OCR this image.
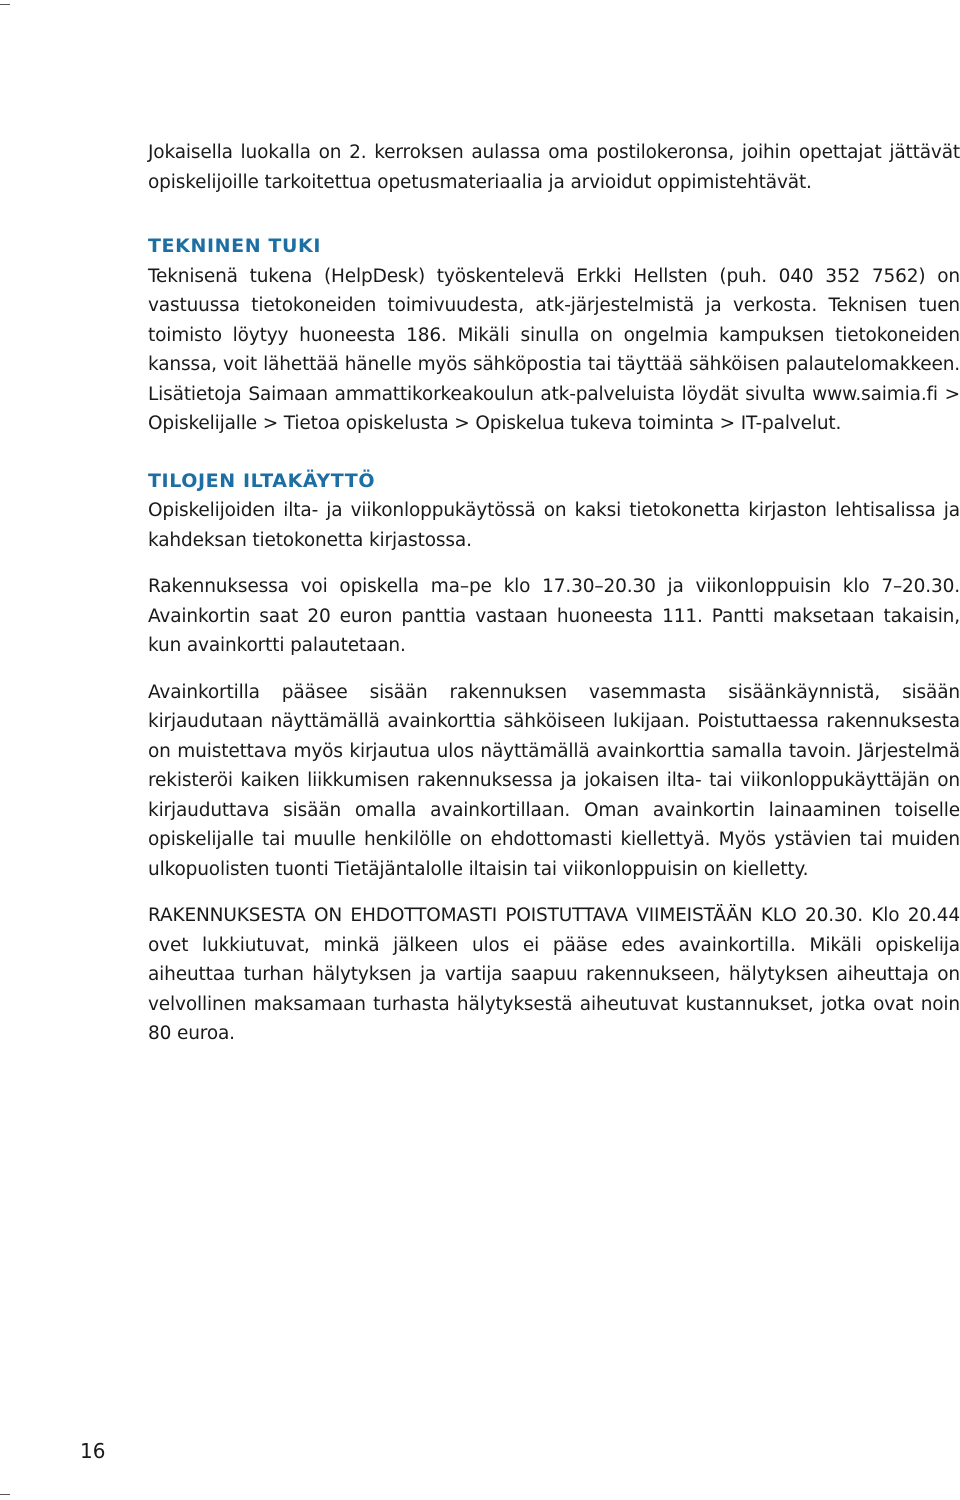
Jokaisella luokalla on 2. kerroksen aulassa oma postilokeronsa, joihin opettajat jättävät opiskelijoille tarkoitettua opetusmateriaalia ja arvioidut oppimistehtävät.

TEKNINEN TUKI

Teknisenä tukena (HelpDesk) työskentelevä Erkki Hellsten (puh. 040 352 7562) on vastuussa tietokoneiden toimivuudesta, atk-järjestelmistä ja verkosta. Teknisen tuen toimisto löytyy huoneesta 186. Mikäli sinulla on ongelmia kampuksen tietokoneiden kanssa, voit lähettää hänelle myös sähköpostia tai täyttää sähköisen palautelomakkeen. Lisätietoja Saimaan ammattikorkeakoulun atk-palveluista löydät sivulta www.saimia.fi > Opiskelijalle > Tietoa opiskelusta > Opiskelua tukeva toiminta > IT-palvelut.

TILOJEN ILTAKÄYTTÖ

Opiskelijoiden ilta- ja viikonloppukäytössä on kaksi tietokonetta kirjaston lehtisalissa ja kahdeksan tietokonetta kirjastossa.

Rakennuksessa voi opiskella ma–pe klo 17.30–20.30 ja viikonloppuisin klo 7–20.30. Avainkortin saat 20 euron panttia vastaan huoneesta 111. Pantti maksetaan takaisin, kun avainkortti palautetaan.

Avainkortilla pääsee sisään rakennuksen vasemmasta sisäänkäynnistä, sisään kirjaudutaan näyttämällä avainkorttia sähköiseen lukijaan. Poistuttaessa rakennuksesta on muistettava myös kirjautua ulos näyttämällä avainkorttia samalla tavoin. Järjestelmä rekisteröi kaiken liikkumisen rakennuksessa ja jokaisen ilta- tai viikonloppukäyttäjän on kirjauduttava sisään omalla avainkortillaan. Oman avainkortin lainaaminen toiselle opiskelijalle tai muulle henkilölle on ehdottomasti kiellettyä. Myös ystävien tai muiden ulkopuolisten tuonti Tietäjäntalolle iltaisin tai viikonloppuisin on kielletty.

RAKENNUKSESTA ON EHDOTTOMASTI POISTUTTAVA VIIMEISTÄÄN KLO 20.30. Klo 20.44 ovet lukkiutuvat, minkä jälkeen ulos ei pääse edes avainkortilla. Mikäli opiskelija aiheuttaa turhan hälytyksen ja vartija saapuu rakennukseen, hälytyksen aiheuttaja on velvollinen maksamaan turhasta hälytyksestä aiheutuvat kustannukset, jotka ovat noin 80 euroa.

16
